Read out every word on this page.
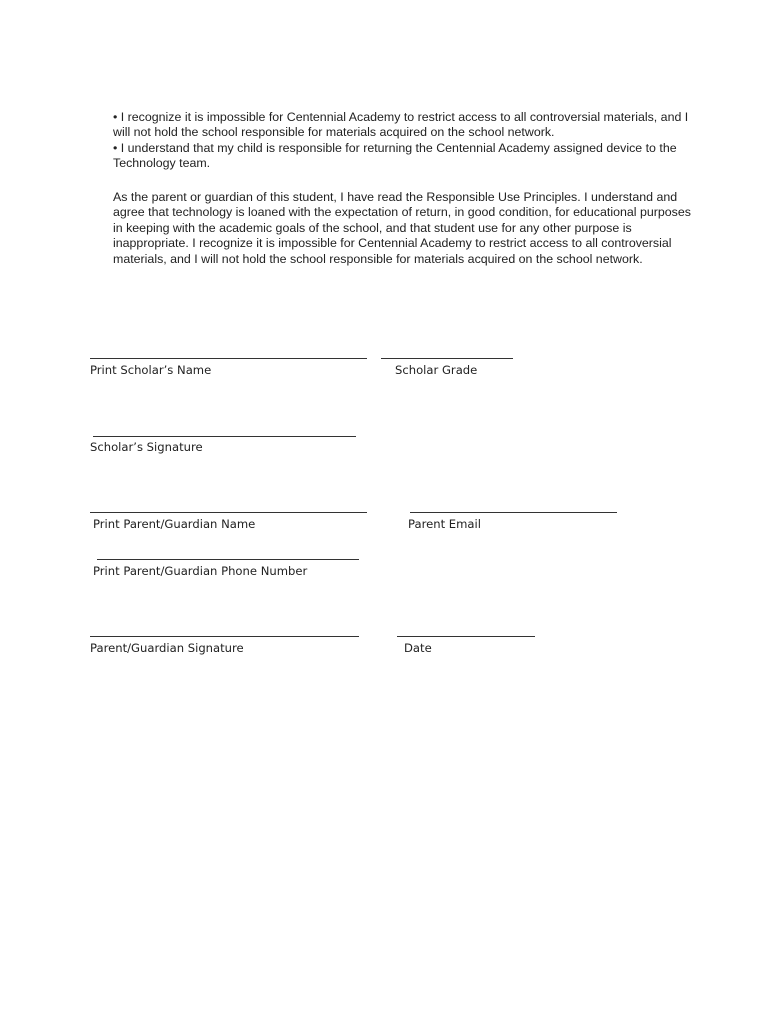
• I recognize it is impossible for Centennial Academy to restrict access to all controversial materials, and I will not hold the school responsible for materials acquired on the school network.

• I understand that my child is responsible for returning the Centennial Academy assigned device to the Technology team.

As the parent or guardian of this student, I have read the Responsible Use Principles. I understand and agree that technology is loaned with the expectation of return, in good condition, for educational purposes in keeping with the academic goals of the school, and that student use for any other purpose is inappropriate. I recognize it is impossible for Centennial Academy to restrict access to all controversial materials, and I will not hold the school responsible for materials acquired on the school network.

Print Scholar’s Name	Scholar Grade

Scholar’s Signature

Print Parent/Guardian Name	Parent Email

Print Parent/Guardian Phone Number

Parent/Guardian Signature	Date
